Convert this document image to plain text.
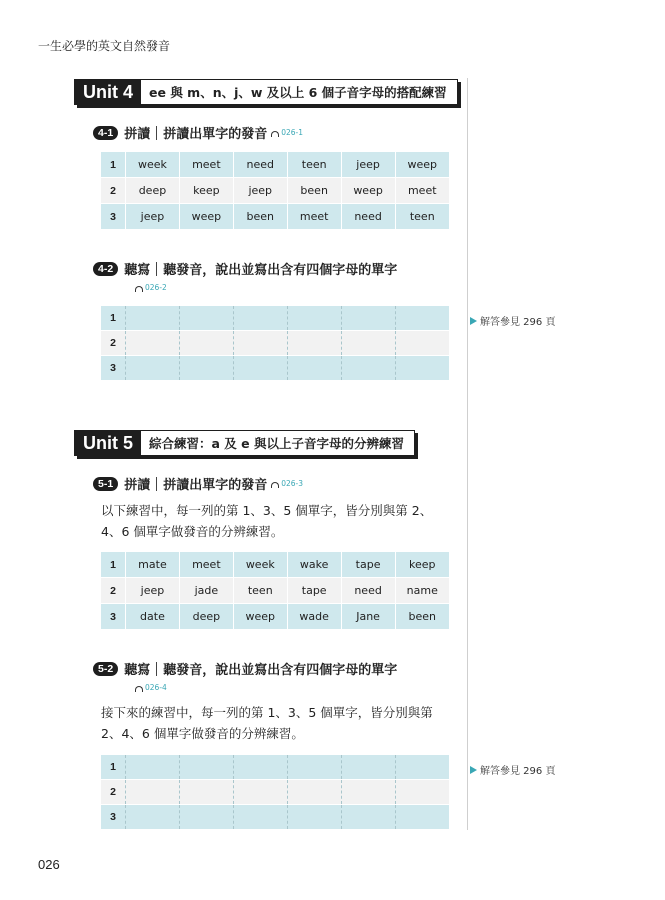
一生必學的英文自然發音
Unit 4	ee 與 m、n、j、w 及以上 6 個子音字母的搭配練習
4-1 拼讀 拼讀出單字的發音 026-1
1	week	meet	need	teen	jeep	weep
2	deep	keep	jeep	been	weep	meet
3	jeep	weep	been	meet	need	teen
4-2 聽寫 聽發音，說出並寫出含有四個字母的單字
026-2
1						
2						
3						
解答參見 296 頁
Unit 5	綜合練習：a 及 e 與以上子音字母的分辨練習
5-1 拼讀 拼讀出單字的發音 026-3
以下練習中，每一列的第 1、3、5 個單字，皆分別與第 2、
4、6 個單字做發音的分辨練習。
1	mate	meet	week	wake	tape	keep
2	jeep	jade	teen	tape	need	name
3	date	deep	weep	wade	Jane	been
5-2 聽寫 聽發音，說出並寫出含有四個字母的單字
026-4
接下來的練習中，每一列的第 1、3、5 個單字，皆分別與第
2、4、6 個單字做發音的分辨練習。
1						
2						
3						
解答參見 296 頁
026
